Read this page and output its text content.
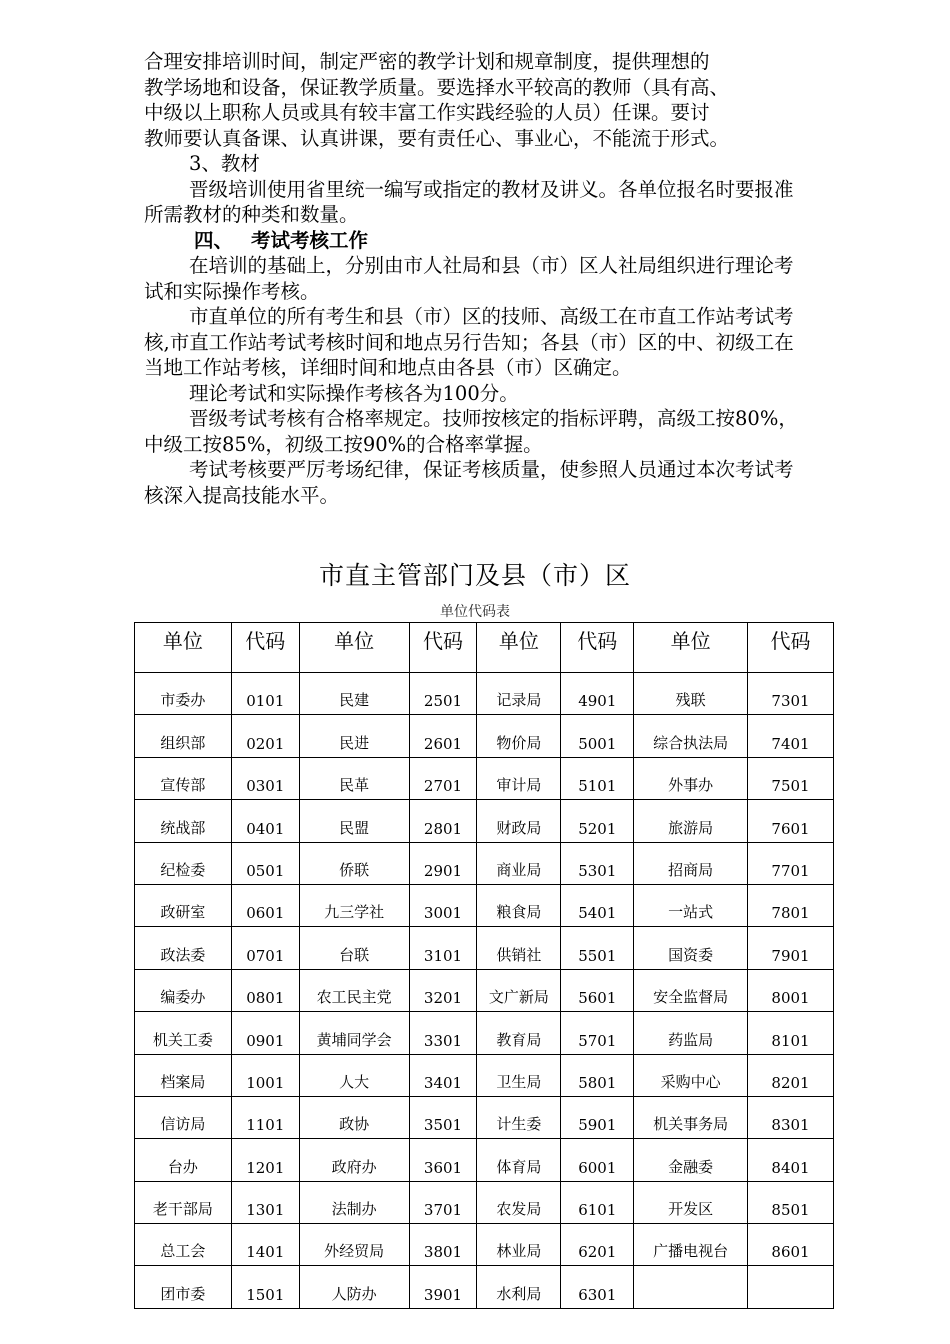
合理安排培训时间，制定严密的教学计划和规章制度，提供理想的

教学场地和设备，保证教学质量。要选择水平较高的教师（具有高、

中级以上职称人员或具有较丰富工作实践经验的人员）任课。要讨

教师要认真备课、认真讲课，要有责任心、事业心，不能流于形式。

3、教材

晋级培训使用省里统一编写或指定的教材及讲义。各单位报名时要报准所需教材的种类和数量。

四、 考试考核工作

在培训的基础上，分别由市人社局和县（市）区人社局组织进行理论考试和实际操作考核。

市直单位的所有考生和县（市）区的技师、高级工在市直工作站考试考核,市直工作站考试考核时间和地点另行告知；各县（市）区的中、初级工在当地工作站考核，详细时间和地点由各县（市）区确定。

理论考试和实际操作考核各为100分。

晋级考试考核有合格率规定。技师按核定的指标评聘，高级工按80%，中级工按85%，初级工按90%的合格率掌握。

考试考核要严厉考场纪律，保证考核质量，使参照人员通过本次考试考核深入提高技能水平。

市直主管部门及县（市）区
单位代码表
单位	代码	单位	代码	单位	代码	单位	代码
市委办	0101	民建	2501	记录局	4901	残联	7301
组织部	0201	民进	2601	物价局	5001	综合执法局	7401
宣传部	0301	民革	2701	审计局	5101	外事办	7501
统战部	0401	民盟	2801	财政局	5201	旅游局	7601
纪检委	0501	侨联	2901	商业局	5301	招商局	7701
政研室	0601	九三学社	3001	粮食局	5401	一站式	7801
政法委	0701	台联	3101	供销社	5501	国资委	7901
编委办	0801	农工民主党	3201	文广新局	5601	安全监督局	8001
机关工委	0901	黄埔同学会	3301	教育局	5701	药监局	8101
档案局	1001	人大	3401	卫生局	5801	采购中心	8201
信访局	1101	政协	3501	计生委	5901	机关事务局	8301
台办	1201	政府办	3601	体育局	6001	金融委	8401
老干部局	1301	法制办	3701	农发局	6101	开发区	8501
总工会	1401	外经贸局	3801	林业局	6201	广播电视台	8601
团市委	1501	人防办	3901	水利局	6301		
